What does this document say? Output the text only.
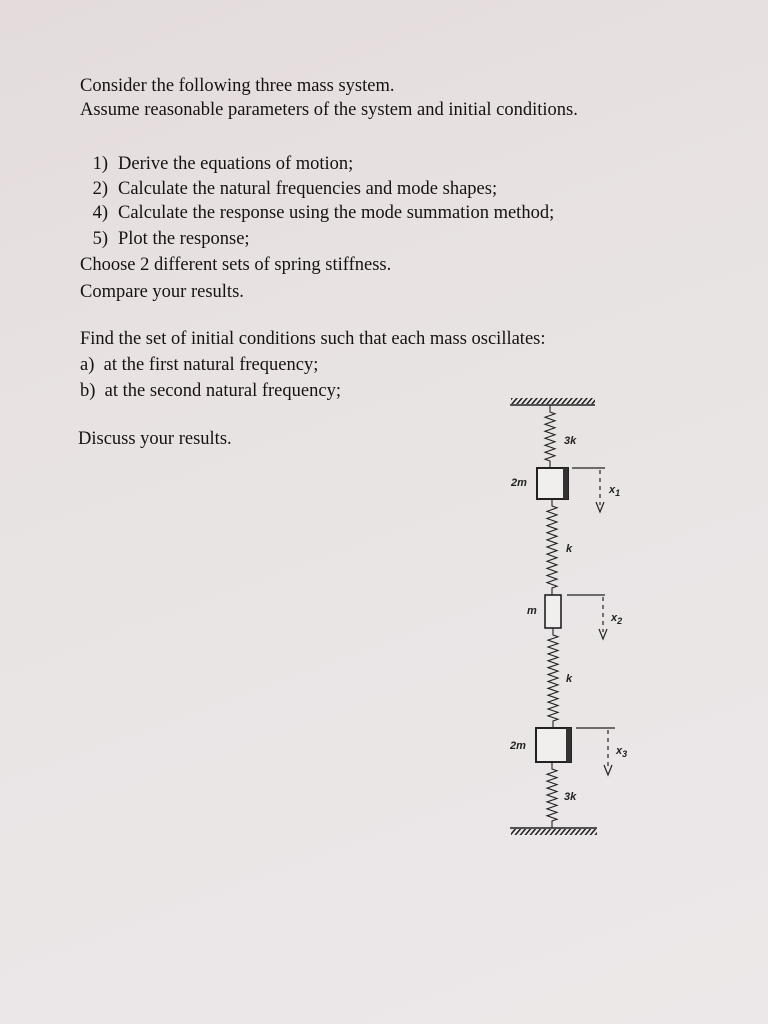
Consider the following three mass system.
Assume reasonable parameters of the system and initial conditions.
1) Derive the equations of motion;
2) Calculate the natural frequencies and mode shapes;
4) Calculate the response using the mode summation method;
5) Plot the response;
Choose 2 different sets of spring stiffness.
Compare your results.
Find the set of initial conditions such that each mass oscillates:
a) at the first natural frequency;
b) at the second natural frequency;
Discuss your results.	3k
k
k
3k
2m
m
2m
$x_1$
$x_2$
$x_3$
